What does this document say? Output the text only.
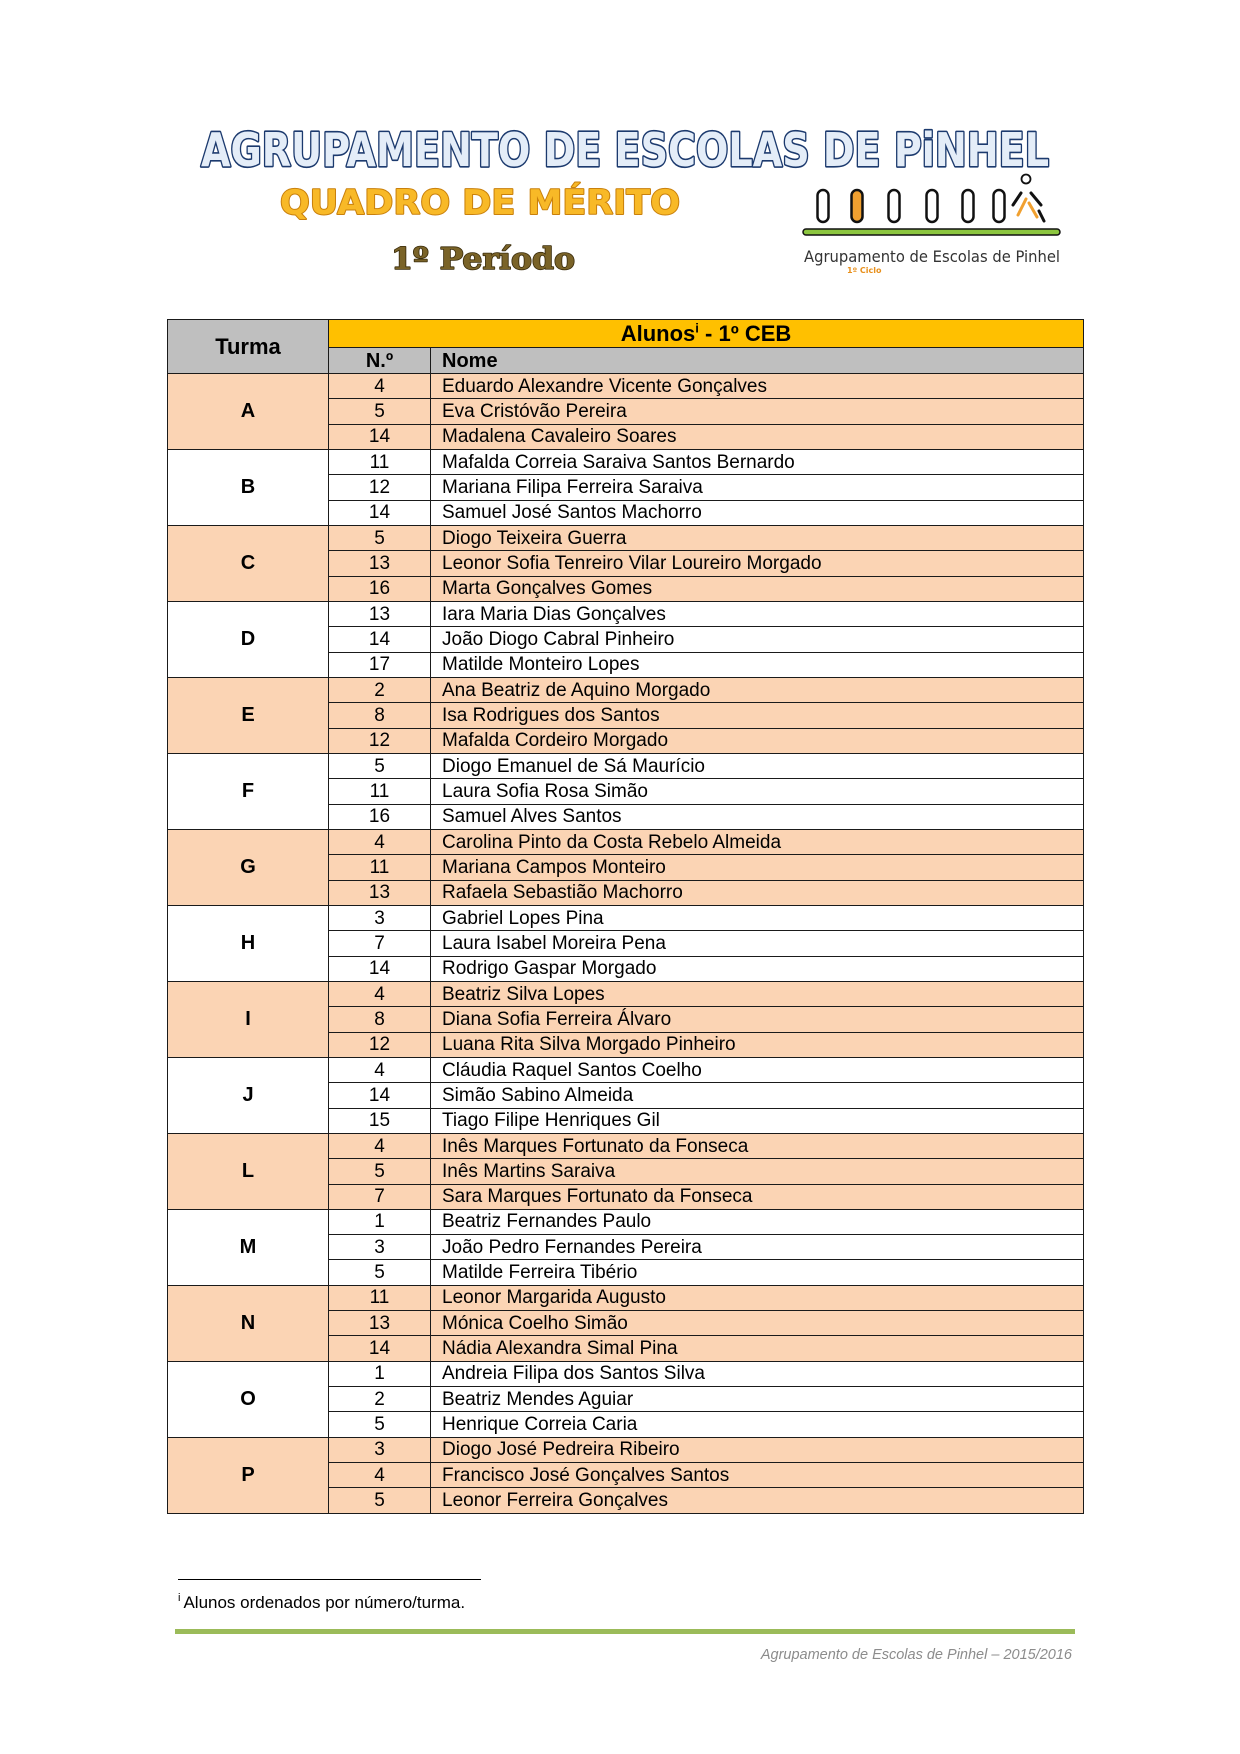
AGRUPAMENTO DE ESCOLAS DE PiNHEL
QUADRO DE MÉRITO
1º Período	Agrupamento de Escolas de Pinhel
1º Ciclo
Turma	Alunos$^i$ - 1º CEB	
	N.º	Nome
A	4	Eduardo Alexandre Vicente Gonçalves
	5	Eva Cristóvão Pereira
	14	Madalena Cavaleiro Soares
B	11	Mafalda Correia Saraiva Santos Bernardo
	12	Mariana Filipa Ferreira Saraiva
	14	Samuel José Santos Machorro
C	5	Diogo Teixeira Guerra
	13	Leonor Sofia Tenreiro Vilar Loureiro Morgado
	16	Marta Gonçalves Gomes
D	13	Iara Maria Dias Gonçalves
	14	João Diogo Cabral Pinheiro
	17	Matilde Monteiro Lopes
E	2	Ana Beatriz de Aquino Morgado
	8	Isa Rodrigues dos Santos
	12	Mafalda Cordeiro Morgado
F	5	Diogo Emanuel de Sá Maurício
	11	Laura Sofia Rosa Simão
	16	Samuel Alves Santos
G	4	Carolina Pinto da Costa Rebelo Almeida
	11	Mariana Campos Monteiro
	13	Rafaela Sebastião Machorro
H	3	Gabriel Lopes Pina
	7	Laura Isabel Moreira Pena
	14	Rodrigo Gaspar Morgado
I	4	Beatriz Silva Lopes
	8	Diana Sofia Ferreira Álvaro
	12	Luana Rita Silva Morgado Pinheiro
J	4	Cláudia Raquel Santos Coelho
	14	Simão Sabino Almeida
	15	Tiago Filipe Henriques Gil
L	4	Inês Marques Fortunato da Fonseca
	5	Inês Martins Saraiva
	7	Sara Marques Fortunato da Fonseca
M	1	Beatriz Fernandes Paulo
	3	João Pedro Fernandes Pereira
	5	Matilde Ferreira Tibério
N	11	Leonor Margarida Augusto
	13	Mónica Coelho Simão
	14	Nádia Alexandra Simal Pina
O	1	Andreia Filipa dos Santos Silva
	2	Beatriz Mendes Aguiar
	5	Henrique Correia Caria
P	3	Diogo José Pedreira Ribeiro
	4	Francisco José Gonçalves Santos
	5	Leonor Ferreira Gonçalves
$^i$ Alunos ordenados por número/turma.
Agrupamento de Escolas de Pinhel – 2015/2016
